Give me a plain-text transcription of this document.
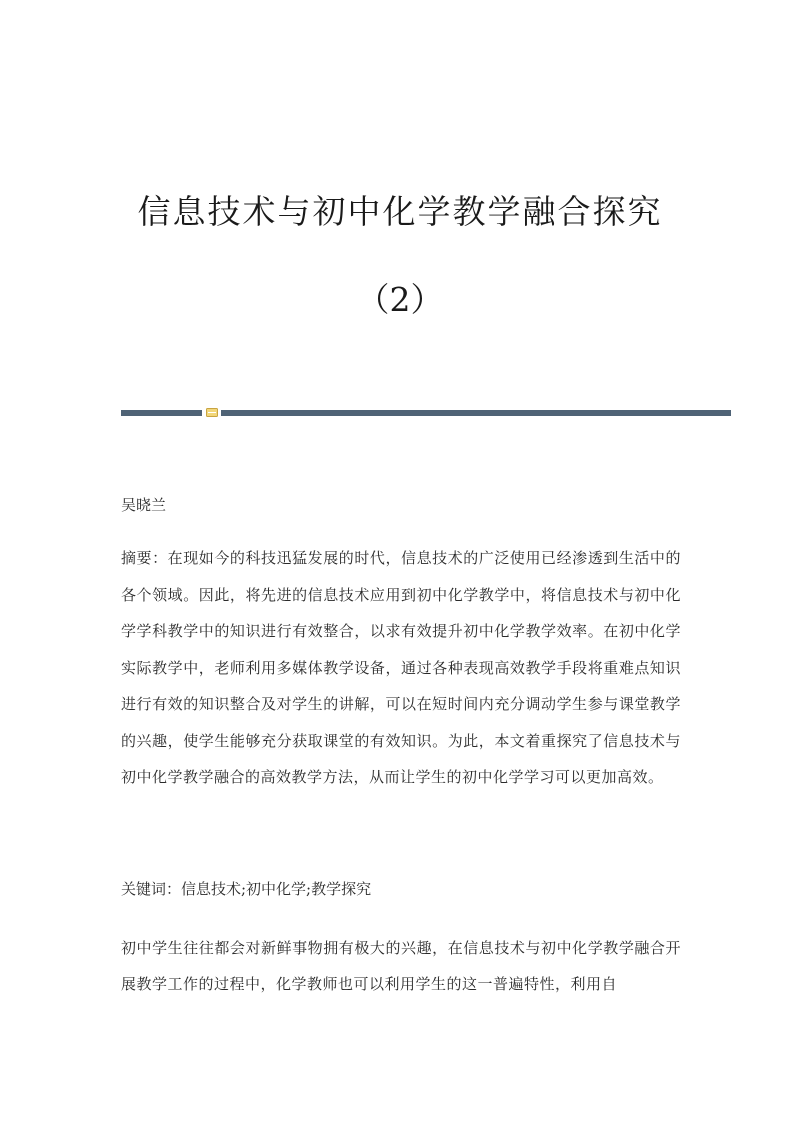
信息技术与初中化学教学融合探究
（2）
吴晓兰
摘要：在现如今的科技迅猛发展的时代，信息技术的广泛使用已经渗透到生活中的各个领域。因此，将先进的信息技术应用到初中化学教学中，将信息技术与初中化学学科教学中的知识进行有效整合，以求有效提升初中化学教学效率。在初中化学实际教学中，老师利用多媒体教学设备，通过各种表现高效教学手段将重难点知识进行有效的知识整合及对学生的讲解，可以在短时间内充分调动学生参与课堂教学的兴趣，使学生能够充分获取课堂的有效知识。为此，本文着重探究了信息技术与初中化学教学融合的高效教学方法，从而让学生的初中化学学习可以更加高效。
关键词：信息技术;初中化学;教学探究
初中学生往往都会对新鲜事物拥有极大的兴趣，在信息技术与初中化学教学融合开展教学工作的过程中，化学教师也可以利用学生的这一普遍特性，利用自
